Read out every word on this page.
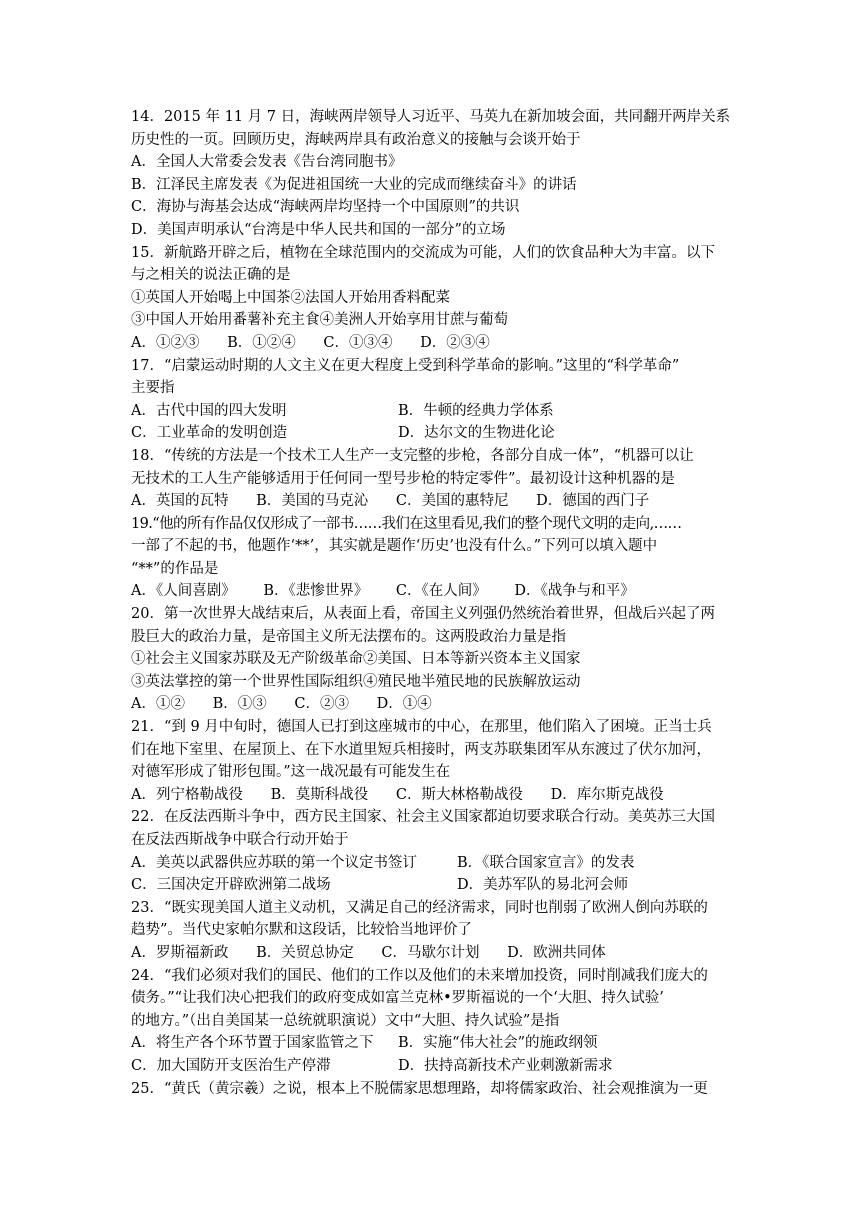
14．2015 年 11 月 7 日，海峡两岸领导人习近平、马英九在新加坡会面，共同翻开两岸关系
历史性的一页。回顾历史，海峡两岸具有政治意义的接触与会谈开始于
A．全国人大常委会发表《告台湾同胞书》
B．江泽民主席发表《为促进祖国统一大业的完成而继续奋斗》的讲话
C．海协与海基会达成“海峡两岸均坚持一个中国原则”的共识
D．美国声明承认“台湾是中华人民共和国的一部分”的立场
15．新航路开辟之后，植物在全球范围内的交流成为可能，人们的饮食品种大为丰富。以下
与之相关的说法正确的是
①英国人开始喝上中国茶②法国人开始用香料配菜
③中国人开始用番薯补充主食④美洲人开始享用甘蔗与葡萄
A．①②③      B．①②④      C．①③④      D．②③④
17．“启蒙运动时期的人文主义在更大程度上受到科学革命的影响。”这里的“科学革命”
主要指
A．古代中国的四大发明	B．牛顿的经典力学体系
C．工业革命的发明创造	D．达尔文的生物进化论
18．“传统的方法是一个技术工人生产一支完整的步枪，各部分自成一体”，“机器可以让
无技术的工人生产能够适用于任何同一型号步枪的特定零件”。最初设计这种机器的是
A．英国的瓦特      B．美国的马克沁      C．美国的惠特尼      D．德国的西门子
19.“他的所有作品仅仅形成了一部书……我们在这里看见,我们的整个现代文明的走向,……
一部了不起的书，他题作‘**’，其实就是题作‘历史’也没有什么。”下列可以填入题中
“**”的作品是
A．《人间喜剧》      B．《悲惨世界》      C．《在人间》      D．《战争与和平》
20．第一次世界大战结束后，从表面上看，帝国主义列强仍然统治着世界，但战后兴起了两
股巨大的政治力量，是帝国主义所无法摆布的。这两股政治力量是指
①社会主义国家苏联及无产阶级革命②美国、日本等新兴资本主义国家
③英法掌控的第一个世界性国际组织④殖民地半殖民地的民族解放运动
A．①②      B．①③      C．②③      D．①④
21．“到 9 月中旬时，德国人已打到这座城市的中心，在那里，他们陷入了困境。正当士兵
们在地下室里、在屋顶上、在下水道里短兵相接时，两支苏联集团军从东渡过了伏尔加河，
对德军形成了钳形包围。”这一战况最有可能发生在
A．列宁格勒战役      B．莫斯科战役      C．斯大林格勒战役      D．库尔斯克战役
22．在反法西斯斗争中，西方民主国家、社会主义国家都迫切要求联合行动。美英苏三大国
在反法西斯战争中联合行动开始于
A．美英以武器供应苏联的第一个议定书签订	B．《联合国家宣言》的发表
C．三国决定开辟欧洲第二战场	D．美苏军队的易北河会师
23．“既实现美国人道主义动机，又满足自己的经济需求，同时也削弱了欧洲人倒向苏联的
趋势”。当代史家帕尔默和这段话，比较恰当地评价了
A．罗斯福新政      B．关贸总协定      C．马歇尔计划      D．欧洲共同体
24．“我们必须对我们的国民、他们的工作以及他们的未来增加投资，同时削减我们庞大的
债务。”“让我们决心把我们的政府变成如富兰克林•罗斯福说的一个‘大胆、持久试验’
的地方。”（出自美国某一总统就职演说）文中“大胆、持久试验”是指
A．将生产各个环节置于国家监管之下	B．实施“伟大社会”的施政纲领
C．加大国防开支医治生产停滞	D．扶持高新技术产业刺激新需求
25．“黄氏（黄宗羲）之说，根本上不脱儒家思想理路，却将儒家政治、社会观推演为一更
